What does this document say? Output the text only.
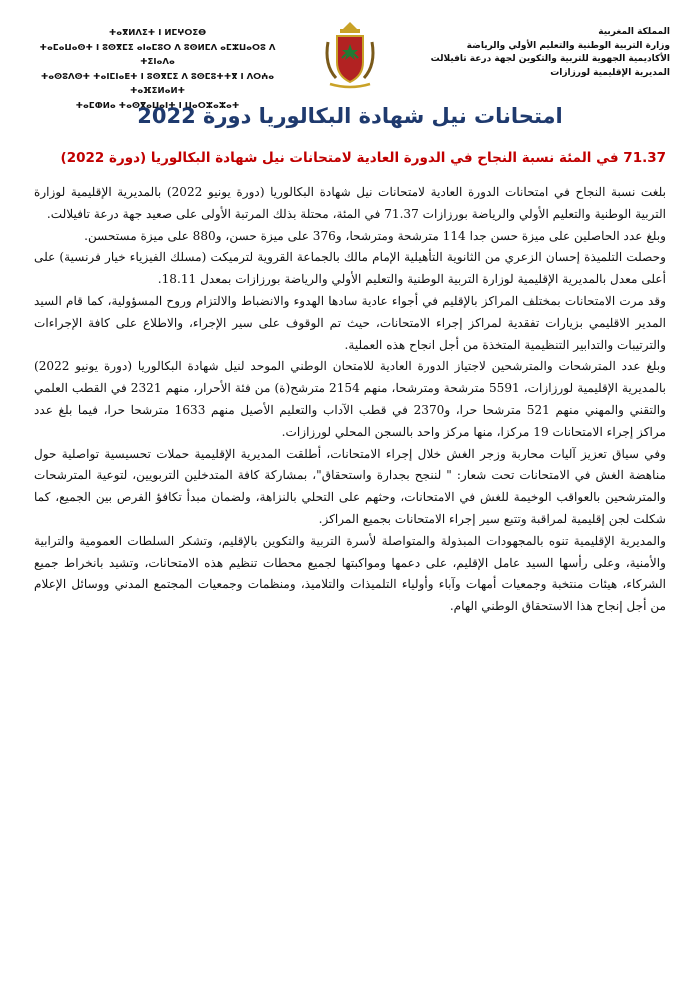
ⵜⴰⴳⵍⴷⵉⵜ ⵏ ⵍⵎⵖⵔⵉⴱ
ⵜⴰⵎⴰⵡⴰⵙⵜ ⵏ ⵓⵙⴳⵎⵉ ⴰⵏⴰⵎⵓⵔ ⴷ ⵓⵙⵍⵎⴷ ⴰⵎⵣⵡⴰⵔⵓ ⴷ ⵜⵉⵏⴰⴷⴰ
ⵜⴰⵙⵓⴷⵙⵜ ⵜⴰⵏⵎⵏⴰⴹⵜ ⵏ ⵓⵙⴳⵎⵉ ⴷ ⵓⵙⵎⵓⵜⵜⴳ ⵏ ⴷⵔⵄⴰ ⵜⴰⴼⵉⵍⴰⵍⵜ
ⵜⴰⵎⵀⵍⴰ ⵜⴰⵙⴳⴰⵡⴰⵏⵜ ⵏ ⵡⴰⵔⵣⴰⵣⴰⵜ
المملكة المغربية
وزارة التربية الوطنية والتعليم الأولي والرياضة
الأكاديمية الجهوية للتربية والتكوين لجهة درعة تافيلالت
المديرية الإقليمية لورزازات
امتحانات نيل شهادة البكالوريا دورة 2022
71.37 في المئة نسبة النجاح في الدورة العادية لامتحانات نيل شهادة البكالوريا (دورة 2022)

بلغت نسبة النجاح في امتحانات الدورة العادية لامتحانات نيل شهادة البكالوريا (دورة يونيو 2022) بالمديرية الإقليمية لوزارة التربية الوطنية والتعليم الأولي والرياضة بورزازات 71.37 في المئة، محتلة بذلك المرتبة الأولى على صعيد جهة درعة تافيلالت.

وبلغ عدد الحاصلين على ميزة حسن جدا 114 مترشحة ومترشحا، و376 على ميزة حسن، و880 على ميزة مستحسن.

وحصلت التلميذة إحسان الزعري من الثانوية التأهيلية الإمام مالك بالجماعة القروية لترميكت (مسلك الفيزياء خيار فرنسية) على أعلى معدل بالمديرية الإقليمية لوزارة التربية الوطنية والتعليم الأولي والرياضة بورزازات بمعدل 18.11.

وقد مرت الامتحانات بمختلف المراكز بالإقليم في أجواء عادية سادها الهدوء والانضباط والالتزام وروح المسؤولية، كما قام السيد المدير الاقليمي بزيارات تفقدية لمراكز إجراء الامتحانات، حيث تم الوقوف على سير الإجراء، والاطلاع على كافة الإجراءات والترتيبات والتدابير التنظيمية المتخذة من أجل انجاح هذه العملية.

وبلغ عدد المترشحات والمترشحين لاجتياز الدورة العادية للامتحان الوطني الموحد لنيل شهادة البكالوريا (دورة يونيو 2022) بالمديرية الإقليمية لورزازات، 5591 مترشحة ومترشحا، منهم 2154 مترشح(ة) من فئة الأحرار، منهم 2321 في القطب العلمي والتقني والمهني منهم 521 مترشحا حرا، و2370 في قطب الآداب والتعليم الأصيل منهم 1633 مترشحا حرا، فيما بلغ عدد مراكز إجراء الامتحانات 19 مركزا، منها مركز واحد بالسجن المحلي لورزازات.

وفي سياق تعزيز آليات محاربة وزجر الغش خلال إجراء الامتحانات، أطلقت المديرية الإقليمية حملات تحسيسية تواصلية حول مناهضة الغش في الامتحانات تحت شعار: " لننجح بجدارة واستحقاق"، بمشاركة كافة المتدخلين التربويين، لتوعية المترشحات والمترشحين بالعواقب الوخيمة للغش في الامتحانات، وحثهم على التحلي بالنزاهة، ولضمان مبدأ تكافؤ الفرص بين الجميع، كما شكلت لجن إقليمية لمراقبة وتتبع سير إجراء الامتحانات بجميع المراكز.

والمديرية الإقليمية تنوه بالمجهودات المبذولة والمتواصلة لأسرة التربية والتكوين بالإقليم، وتشكر السلطات العمومية والترابية والأمنية، وعلى رأسها السيد عامل الإقليم، على دعمها ومواكبتها لجميع محطات تنظيم هذه الامتحانات، وتشيد بانخراط جميع الشركاء، هيئات منتخبة وجمعيات أمهات وآباء وأولياء التلميذات والتلاميذ، ومنظمات وجمعيات المجتمع المدني ووسائل الإعلام من أجل إنجاح هذا الاستحقاق الوطني الهام.
